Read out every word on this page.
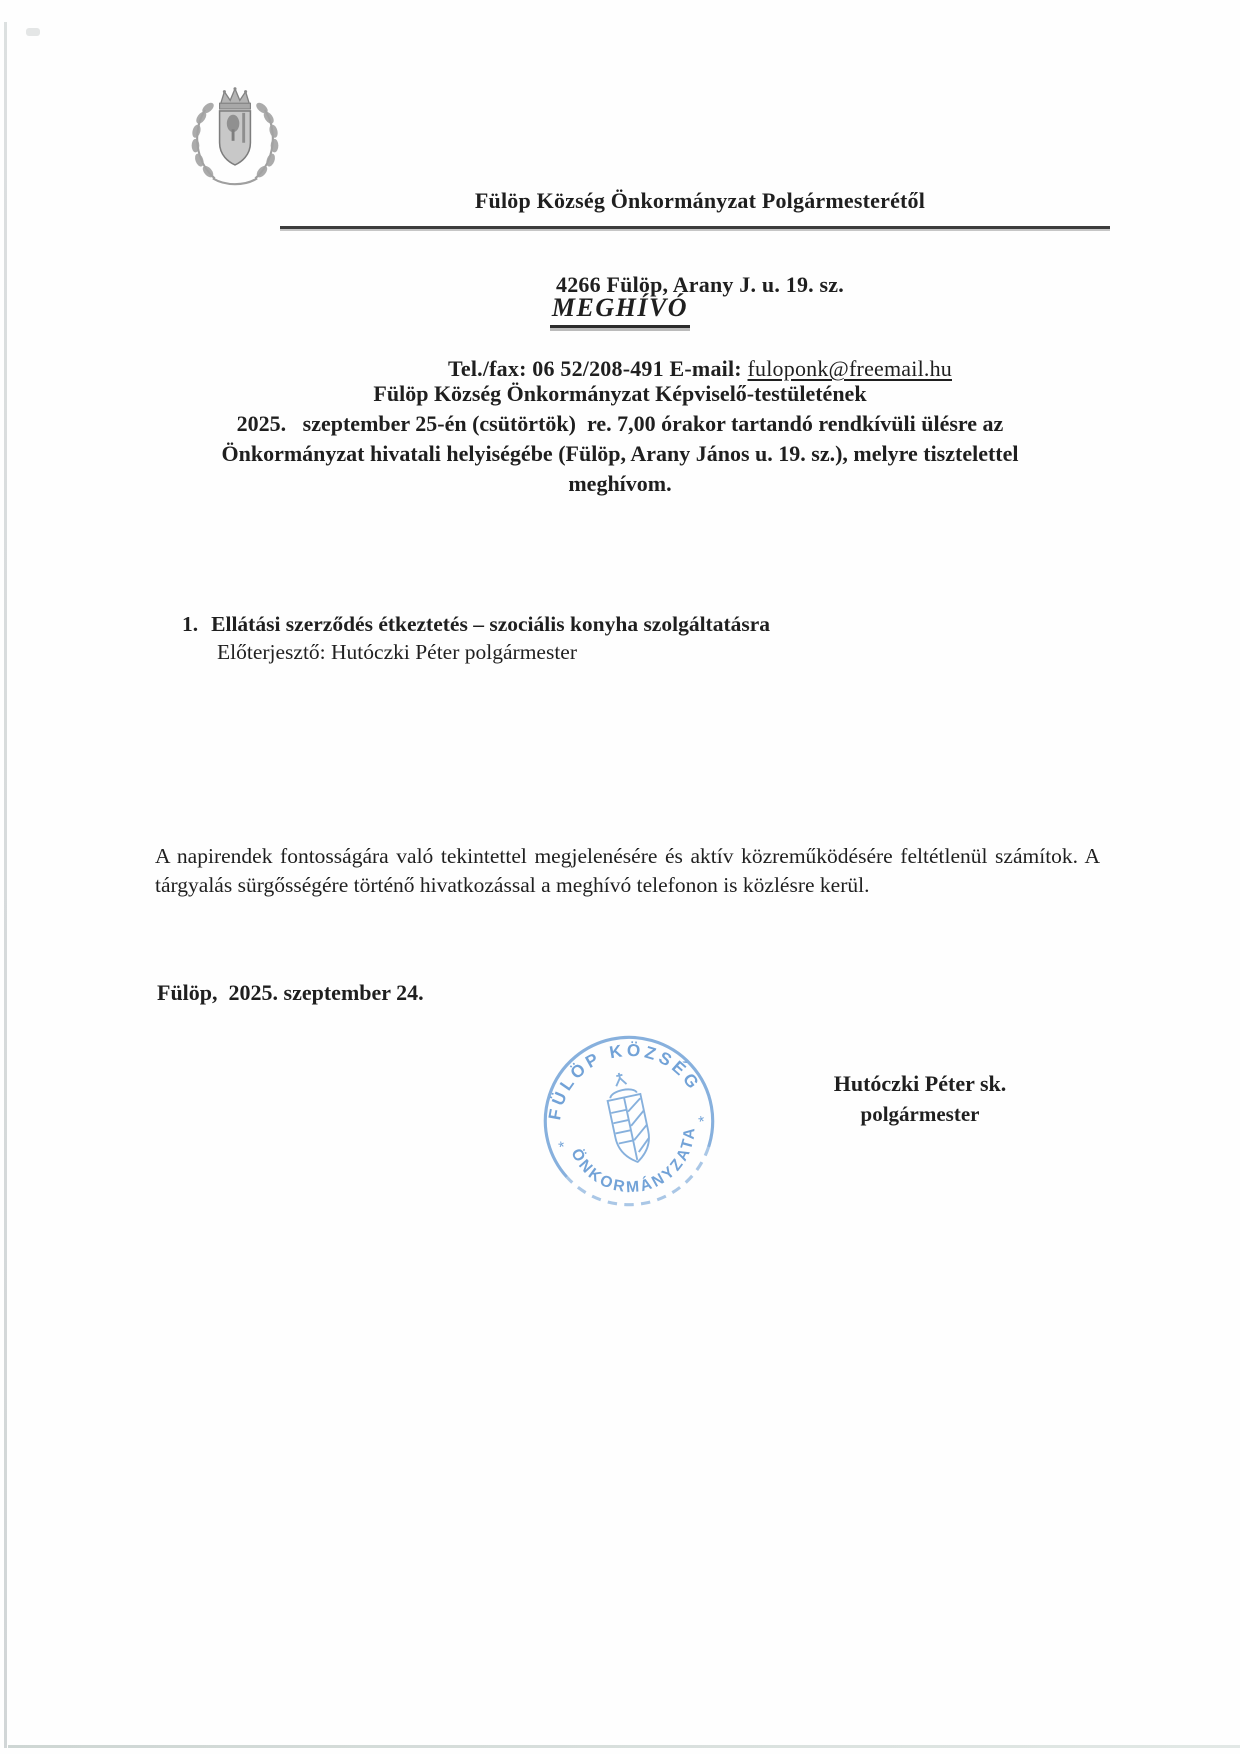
Fülöp Község Önkormányzat Polgármesterétől

4266 Fülöp, Arany J. u. 19. sz.

Tel./fax: 06 52/208-491 E-mail: fuloponk@freemail.hu

MEGHÍVÓ
Fülöp Község Önkormányzat Képviselő-testületének
2025.   szeptember 25-én (csütörtök)  re. 7,00 órakor tartandó rendkívüli ülésre az
Önkormányzat hivatali helyiségébe (Fülöp, Arany János u. 19. sz.), melyre tisztelettel
meghívom.
1. Ellátási szerződés étkeztetés – szociális konyha szolgáltatásra
Előterjesztő: Hutóczki Péter polgármester
A napirendek fontosságára való tekintettel megjelenésére és aktív közreműködésére feltétlenül számítok. A tárgyalás sürgősségére történő hivatkozással a meghívó telefonon is közlésre kerül.
Fülöp,  2025. szeptember 24.
FÜLÖP KÖZSÉG
ÖNKORMÁNYZATA
*
*
Hutóczki Péter sk.
polgármester
